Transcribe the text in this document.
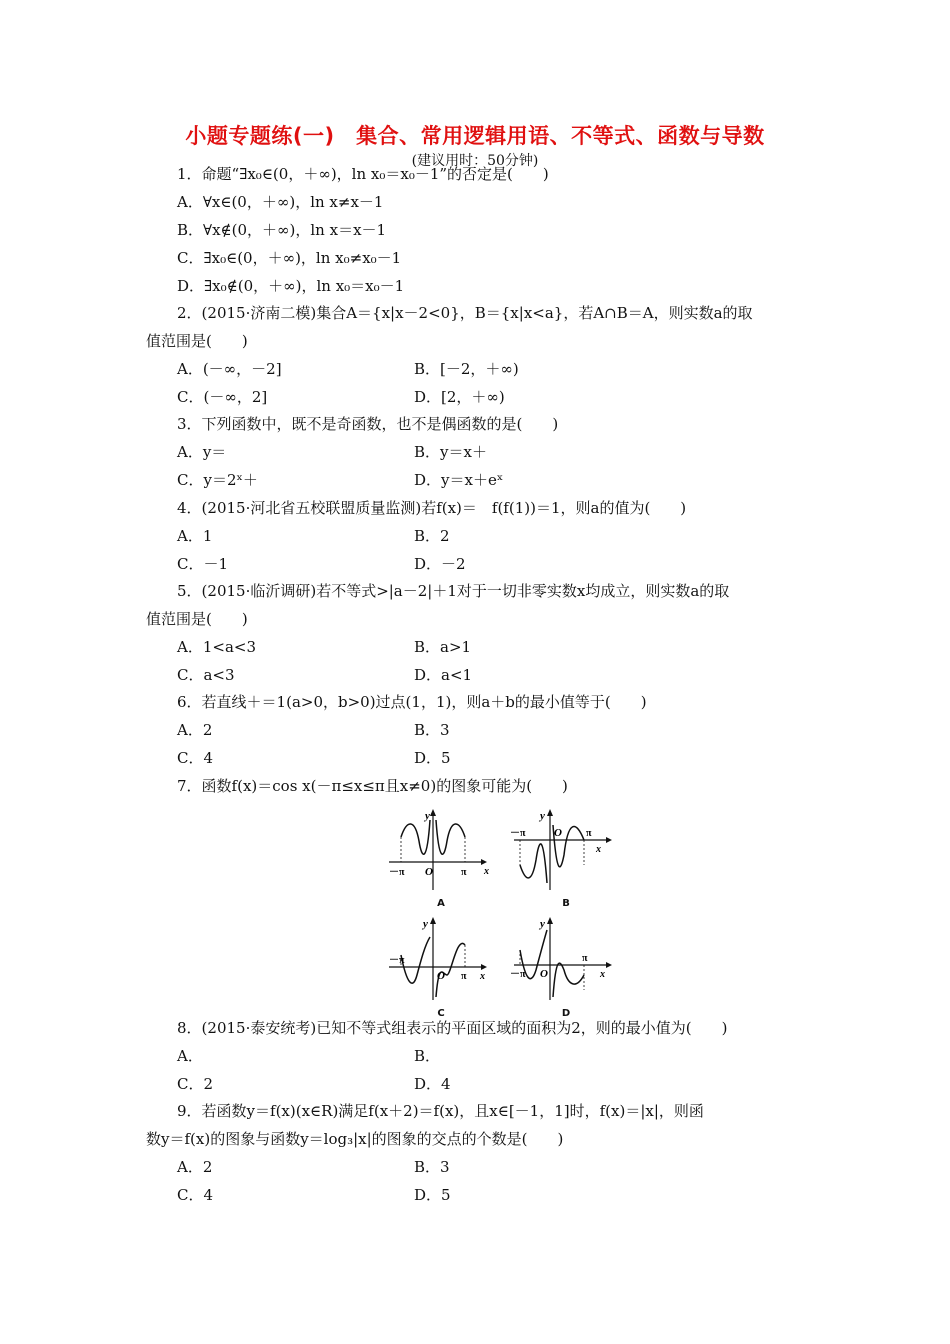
小题专题练(一)　集合、常用逻辑用语、不等式、函数与导数
(建议用时：50分钟)
1．命题“∃x₀∈(0，＋∞)，ln x₀＝x₀－1”的否定是(　　)
A．∀x∈(0，＋∞)，ln x≠x－1
B．∀x∉(0，＋∞)，ln x＝x－1
C．∃x₀∈(0，＋∞)，ln x₀≠x₀－1
D．∃x₀∉(0，＋∞)，ln x₀＝x₀－1
2．(2015·济南二模)集合A＝{x|x－2<0}，B＝{x|x<a}，若A∩B＝A，则实数a的取
值范围是(　　)
A．(－∞，－2]	B．[－2，＋∞)
C．(－∞，2]	D．[2，＋∞)
3．下列函数中，既不是奇函数，也不是偶函数的是(　　)
A．y＝	B．y＝x＋
C．y＝2ˣ＋	D．y＝x＋eˣ
4．(2015·河北省五校联盟质量监测)若f(x)＝　f(f(1))＝1，则a的值为(　　)
A．1	B．2
C．－1	D．－2
5．(2015·临沂调研)若不等式>|a－2|＋1对于一切非零实数x均成立，则实数a的取
值范围是(　　)
A．1<a<3	B．a>1
C．a<3	D．a<1
6．若直线＋＝1(a>0，b>0)过点(1，1)，则a＋b的最小值等于(　　)
A．2	B．3
C．4	D．5
7．函数f(x)＝cos x(－π≤x≤π且x≠0)的图象可能为(　　)
y
x
O
－π	π
A
y
x
O
－π	π
B
y
x
O
－π
π
C
y
x
O
－π
π
D
8．(2015·泰安统考)已知不等式组表示的平面区域的面积为2，则的最小值为(　　)
A．	B．
C．2	D．4
9．若函数y＝f(x)(x∈R)满足f(x＋2)＝f(x)，且x∈[－1，1]时，f(x)＝|x|，则函
数y＝f(x)的图象与函数y＝log₃|x|的图象的交点的个数是(　　)
A．2	B．3
C．4	D．5
